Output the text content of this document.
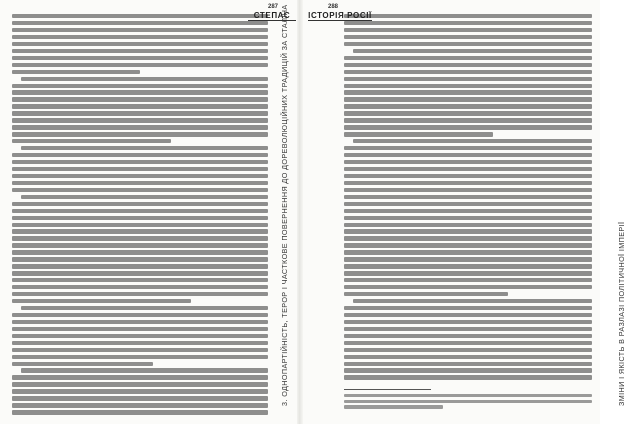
3. ОДНОПАРТІЙНІСТЬ, ТЕРОР І ЧАСТКОВЕ ПОВЕРНЕННЯ ДО ДОРЕВОЛЮЦІЙНИХ ТРАДИЦІЙ ЗА СТАЛІНА	ЗМІНИ І ЯКІСТЬ В РАЗЛАЗІ ПОЛІТИЧНОЇ ІМПЕРІЇ
287
СТЕПАС
288
ІСТОРІЯ РОСІЇ
